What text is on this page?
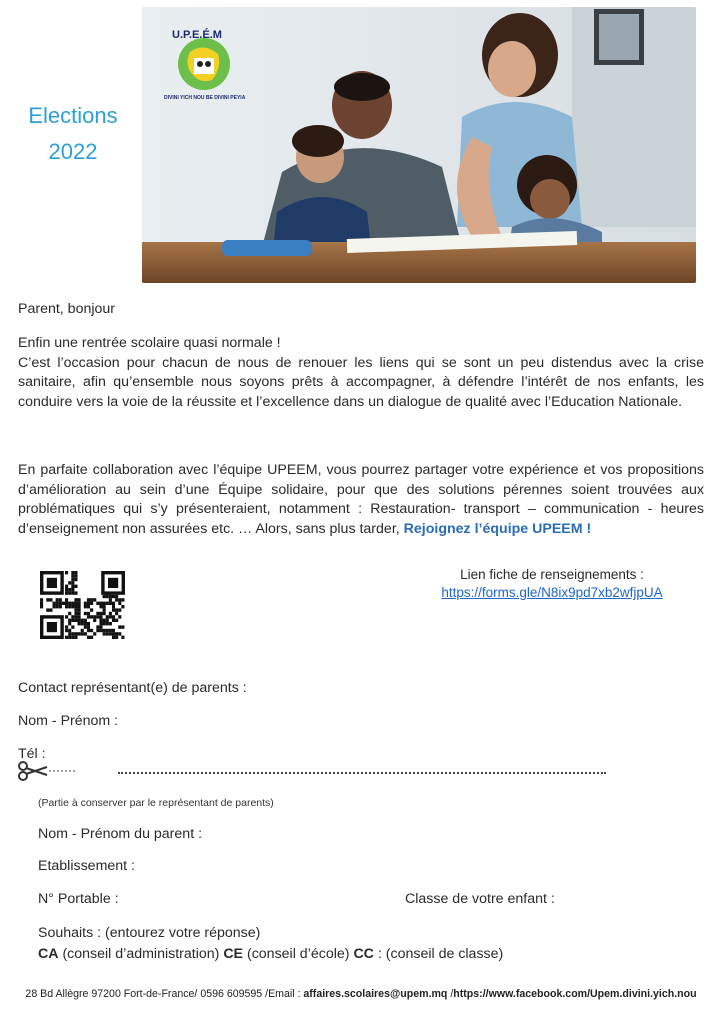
Elections
2022
U.P.E.É.M
DIVINI YICH NOU BE DIVINI PEYIA
Parent, bonjour
Enfin une rentrée scolaire quasi normale !
C’est l’occasion pour chacun de nous de renouer les liens qui se sont un peu distendus avec la crise sanitaire, afin qu’ensemble nous soyons prêts à accompagner, à défendre l’intérêt de nos enfants, les conduire vers la voie de la réussite et l’excellence dans un dialogue de qualité avec l’Education Nationale.
En parfaite collaboration avec l’équipe UPEEM, vous pourrez partager votre expérience et vos propositions d’amélioration au sein d’une Équipe solidaire, pour que des solutions pérennes soient trouvées aux problématiques qui s’y présenteraient, notamment : Restauration- transport – communication - heures d’enseignement non assurées etc. … Alors, sans plus tarder, Rejoignez l’équipe UPEEM !
Lien fiche de renseignements :
https://forms.gle/N8ix9pd7xb2wfjpUA
Contact représentant(e) de parents :
Nom - Prénom :
Tél :
(Partie à conserver par le représentant de parents)
Nom - Prénom du parent :
Etablissement :
N° Portable :	Classe de votre enfant :
Souhaits : (entourez votre réponse)
CA (conseil d’administration) CE (conseil d’école) CC : (conseil de classe)
28 Bd Allègre 97200 Fort-de-France/ 0596 609595 /Email : affaires.scolaires@upem.mq /https://www.facebook.com/Upem.divini.yich.nou
